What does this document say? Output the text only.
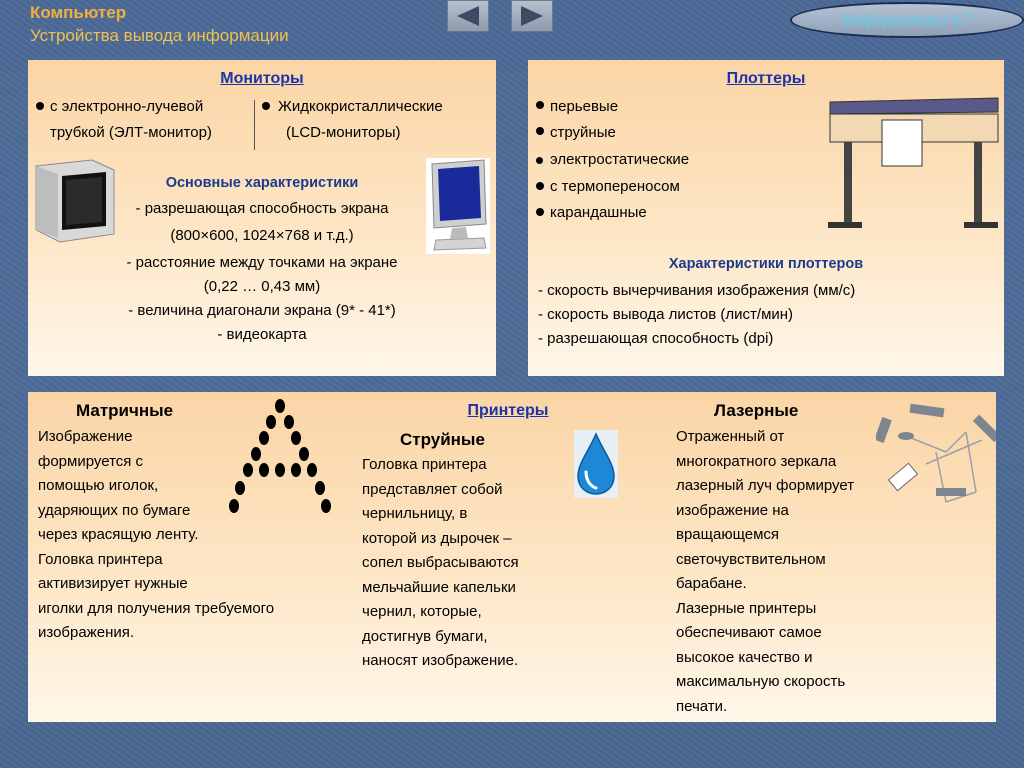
Компьютер
Устройства вывода информации
Информатика 4.7
Мониторы
с электронно-лучевой
трубкой (ЭЛТ-монитор)
Жидкокристаллические
(LCD-мониторы)
Основные характеристики
- разрешающая способность экрана
(800×600, 1024×768 и т.д.)
- расстояние между точками на экране
(0,22 … 0,43 мм)
- величина диагонали экрана (9* - 41*)
- видеокарта
Плоттеры
перьевые
струйные
электростатические
с термопереносом
карандашные
Характеристики плоттеров
- скорость вычерчивания изображения (мм/с)
- скорость вывода листов (лист/мин)
- разрешающая способность (dpi)
Принтеры
Матричные
Изображение
формируется с
помощью иголок,
ударяющих по бумаге
через красящую ленту.
Головка принтера
активизирует нужные
иголки для получения требуемого
изображения.
Струйные
Головка принтера
представляет собой
чернильницу, в
которой из дырочек –
сопел выбрасываются
мельчайшие капельки
чернил, которые,
достигнув бумаги,
наносят изображение.
Лазерные
Отраженный от
многократного зеркала
лазерный луч формирует
изображение на
вращающемся
светочувствительном
барабане.
Лазерные принтеры
обеспечивают самое
высокое качество и
максимальную скорость
печати.
